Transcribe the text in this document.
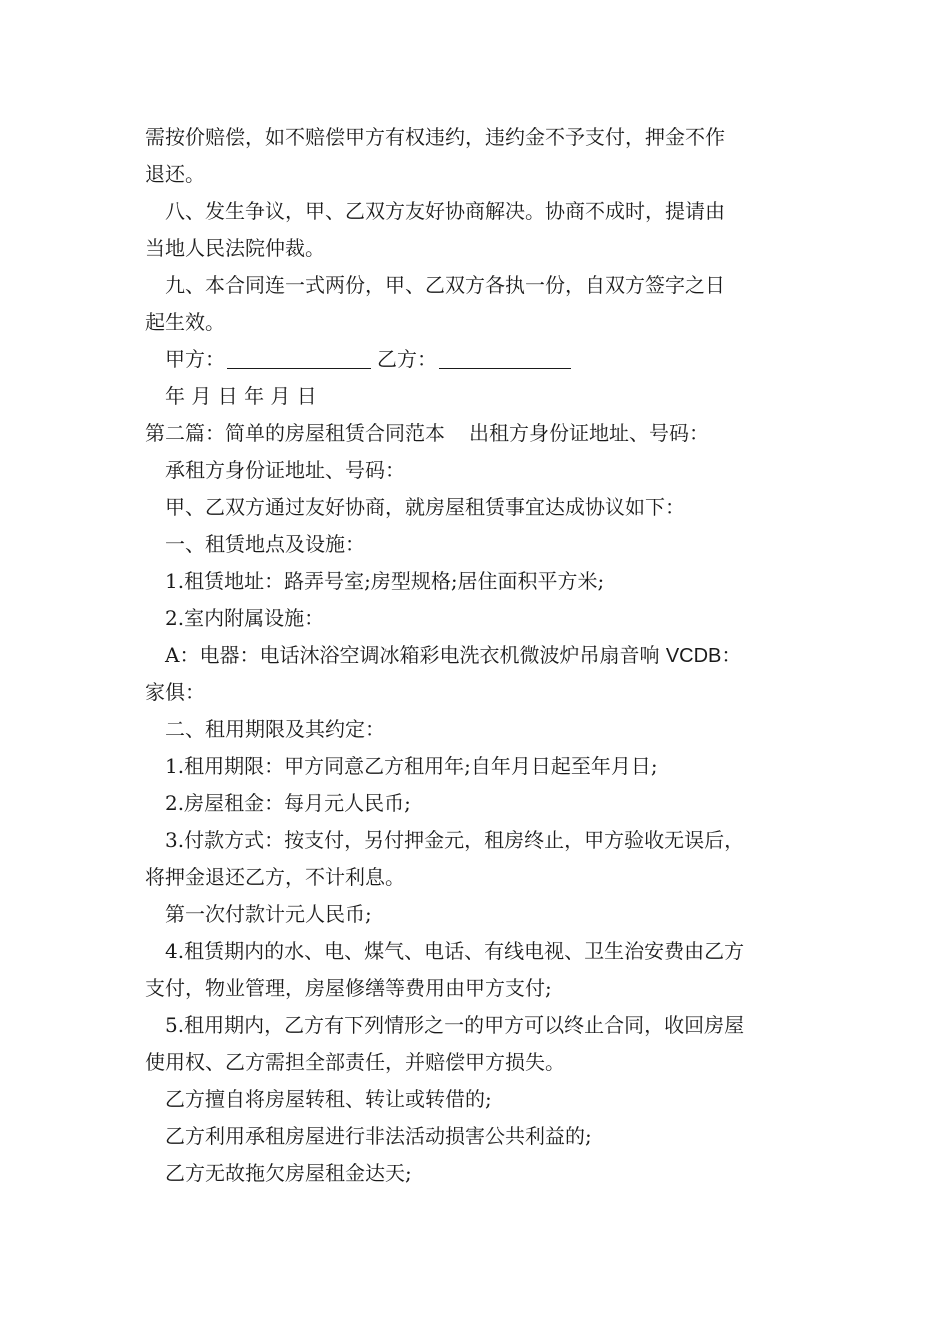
需按价赔偿，如不赔偿甲方有权违约，违约金不予支付，押金不作
退还。
八、发生争议，甲、乙双方友好协商解决。协商不成时，提请由
当地人民法院仲裁。
九、本合同连一式两份，甲、乙双方各执一份，自双方签字之日
起生效。
甲方：	乙方：
年 月 日 年 月 日
第二篇：简单的房屋租赁合同范本 出租方身份证地址、号码：
承租方身份证地址、号码：
甲、乙双方通过友好协商，就房屋租赁事宜达成协议如下：
一、租赁地点及设施：
1.租赁地址：路弄号室;房型规格;居住面积平方米;
2.室内附属设施：
A：电器：电话沐浴空调冰箱彩电洗衣机微波炉吊扇音响 VCDB：
家俱：
二、租用期限及其约定：
1.租用期限：甲方同意乙方租用年;自年月日起至年月日;
2.房屋租金：每月元人民币;
3.付款方式：按支付，另付押金元，租房终止，甲方验收无误后，
将押金退还乙方，不计利息。
第一次付款计元人民币;
4.租赁期内的水、电、煤气、电话、有线电视、卫生治安费由乙方
支付，物业管理，房屋修缮等费用由甲方支付;
5.租用期内，乙方有下列情形之一的甲方可以终止合同，收回房屋
使用权、乙方需担全部责任，并赔偿甲方损失。
乙方擅自将房屋转租、转让或转借的;
乙方利用承租房屋进行非法活动损害公共利益的;
乙方无故拖欠房屋租金达天;
